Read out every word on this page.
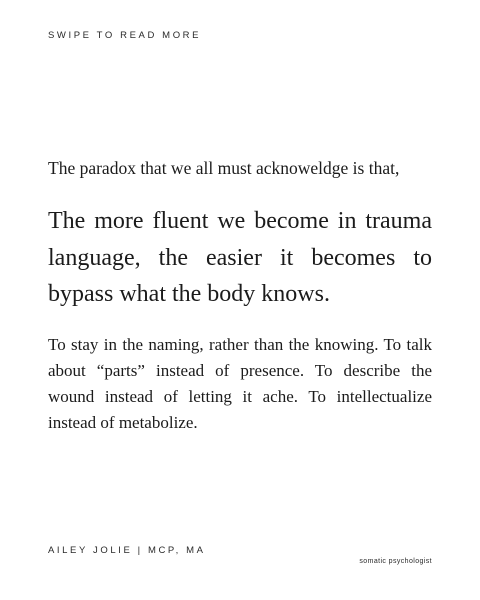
SWIPE TO READ MORE

The paradox that we all must acknoweldge is that,

The more fluent we become in trauma language, the easier it becomes to bypass what the body knows.

To stay in the naming, rather than the knowing. To talk about “parts” instead of presence. To describe the wound instead of letting it ache. To intellectualize instead of metabolize.

AILEY JOLIE | MCP, MA
somatic psychologist
